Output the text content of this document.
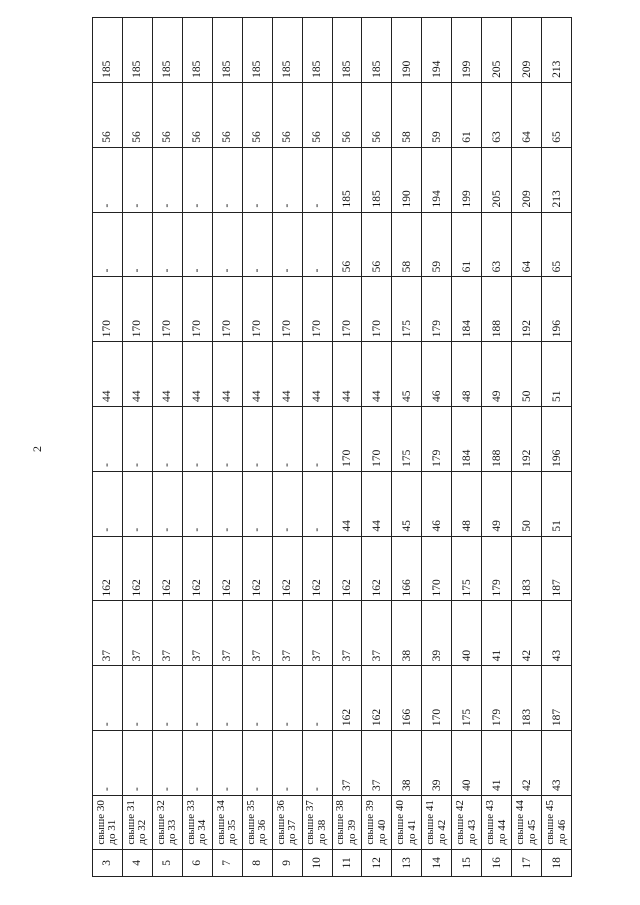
2
3	свыше 30 до 31	-	-	37	162	-	-	44	170	-	-	56	185
4	свыше 31 до 32	-	-	37	162	-	-	44	170	-	-	56	185
5	свыше 32 до 33	-	-	37	162	-	-	44	170	-	-	56	185
6	свыше 33 до 34	-	-	37	162	-	-	44	170	-	-	56	185
7	свыше 34 до 35	-	-	37	162	-	-	44	170	-	-	56	185
8	свыше 35 до 36	-	-	37	162	-	-	44	170	-	-	56	185
9	свыше 36 до 37	-	-	37	162	-	-	44	170	-	-	56	185
10	свыше 37 до 38	-	-	37	162	-	-	44	170	-	-	56	185
11	свыше 38 до 39	37	162	37	162	44	170	44	170	56	185	56	185
12	свыше 39 до 40	37	162	37	162	44	170	44	170	56	185	56	185
13	свыше 40 до 41	38	166	38	166	45	175	45	175	58	190	58	190
14	свыше 41 до 42	39	170	39	170	46	179	46	179	59	194	59	194
15	свыше 42 до 43	40	175	40	175	48	184	48	184	61	199	61	199
16	свыше 43 до 44	41	179	41	179	49	188	49	188	63	205	63	205
17	свыше 44 до 45	42	183	42	183	50	192	50	192	64	209	64	209
18	свыше 45 до 46	43	187	43	187	51	196	51	196	65	213	65	213
